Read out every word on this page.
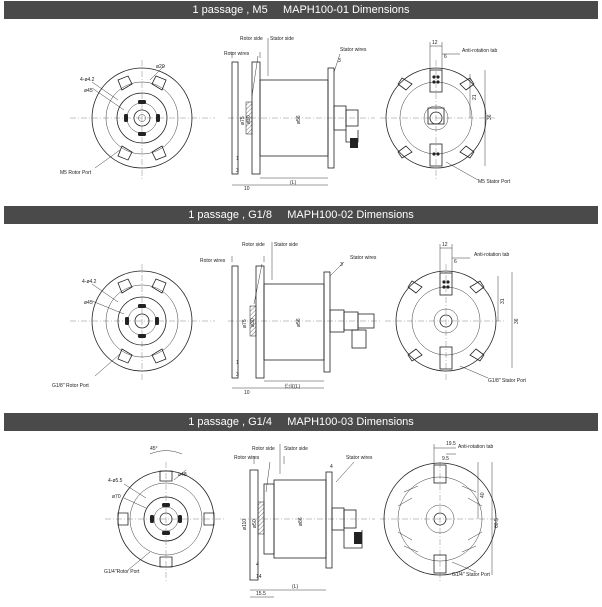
1 passage , M5     MAPH100-01 Dimensions
4-ø4.2
ø45
ø20
M5 Rotor Port
Rotor side Stator side
Rotor wires
Stator wires
ø75 ø30	ø56
3
1
3
10
(L)
12
6
21
36
Anti-rotation tab
M5 Stator Port
1 passage , G1/8     MAPH100-02 Dimensions
4-ø4.2
ø45
G1/8" Rotor Port
Rotor side Stator side
Rotor wires	Stator wires
ø75 ø30	ø56
3
1
3
10
长度(L)
12
6
31
36
Anti-rotation tab
G1/8" Stator Port
1 passage , G1/4     MAPH100-03 Dimensions
45°
4-ø5.5
ø70
ø48
G1/4"Rotor Port
Rotor side Stator side
Rotor wires	Stator wires
ø110 ø50	ø86
4
4
14
15.5
(L)
19.5
9.5
40
60.5
Anti-rotation tab
G1/4" Stator Port
